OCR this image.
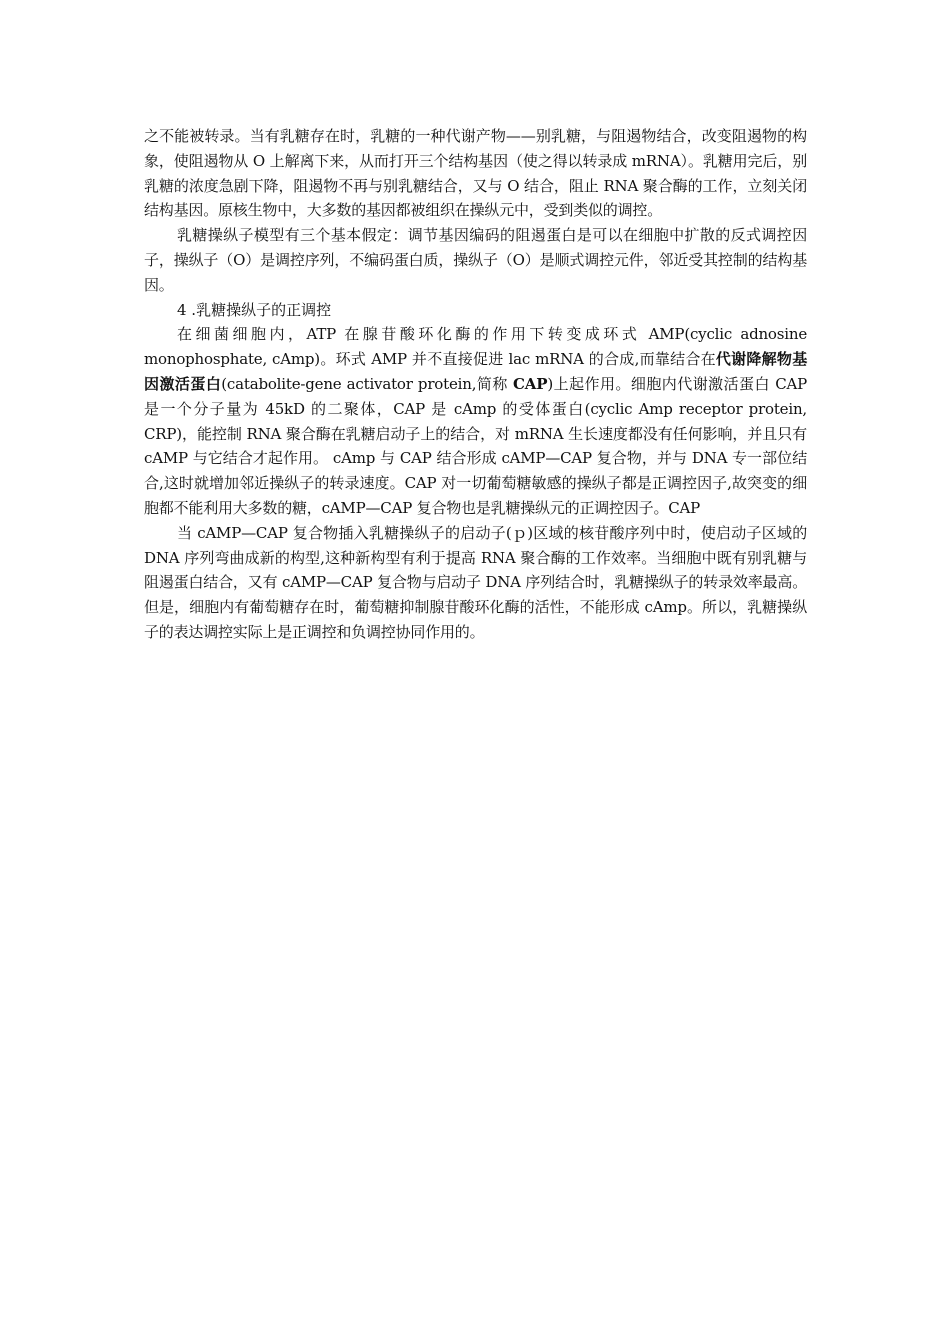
之不能被转录。当有乳糖存在时，乳糖的一种代谢产物——别乳糖，与阻遏物结合，改变阻遏物的构象，使阻遏物从 O 上解离下来，从而打开三个结构基因（使之得以转录成 mRNA）。乳糖用完后，别乳糖的浓度急剧下降，阻遏物不再与别乳糖结合，又与 O 结合，阻止 RNA 聚合酶的工作，立刻关闭结构基因。原核生物中，大多数的基因都被组织在操纵元中，受到类似的调控。

乳糖操纵子模型有三个基本假定：调节基因编码的阻遏蛋白是可以在细胞中扩散的反式调控因子，操纵子（O）是调控序列，不编码蛋白质，操纵子（O）是顺式调控元件，邻近受其控制的结构基因。

4 .乳糖操纵子的正调控

在细菌细胞内，ATP 在腺苷酸环化酶的作用下转变成环式 AMP(cyclic adnosine monophosphate, cAmp)。环式 AMP 并不直接促进 lac mRNA 的合成,而靠结合在代谢降解物基因激活蛋白(catabolite-gene activator protein,简称 CAP)上起作用。细胞内代谢激活蛋白 CAP 是一个分子量为 45kD 的二聚体，CAP 是 cAmp 的受体蛋白(cyclic Amp receptor protein, CRP)，能控制 RNA 聚合酶在乳糖启动子上的结合，对 mRNA 生长速度都没有任何影响，并且只有 cAMP 与它结合才起作用。 cAmp 与 CAP 结合形成 cAMP—CAP 复合物，并与 DNA 专一部位结合,这时就增加邻近操纵子的转录速度。CAP 对一切葡萄糖敏感的操纵子都是正调控因子,故突变的细胞都不能利用大多数的糖，cAMP—CAP 复合物也是乳糖操纵元的正调控因子。CAP

当 cAMP—CAP 复合物插入乳糖操纵子的启动子(ｐ)区域的核苷酸序列中时，使启动子区域的 DNA 序列弯曲成新的构型,这种新构型有利于提高 RNA 聚合酶的工作效率。当细胞中既有别乳糖与阻遏蛋白结合，又有 cAMP—CAP 复合物与启动子 DNA 序列结合时，乳糖操纵子的转录效率最高。但是，细胞内有葡萄糖存在时，葡萄糖抑制腺苷酸环化酶的活性，不能形成 cAmp。所以，乳糖操纵子的表达调控实际上是正调控和负调控协同作用的。
